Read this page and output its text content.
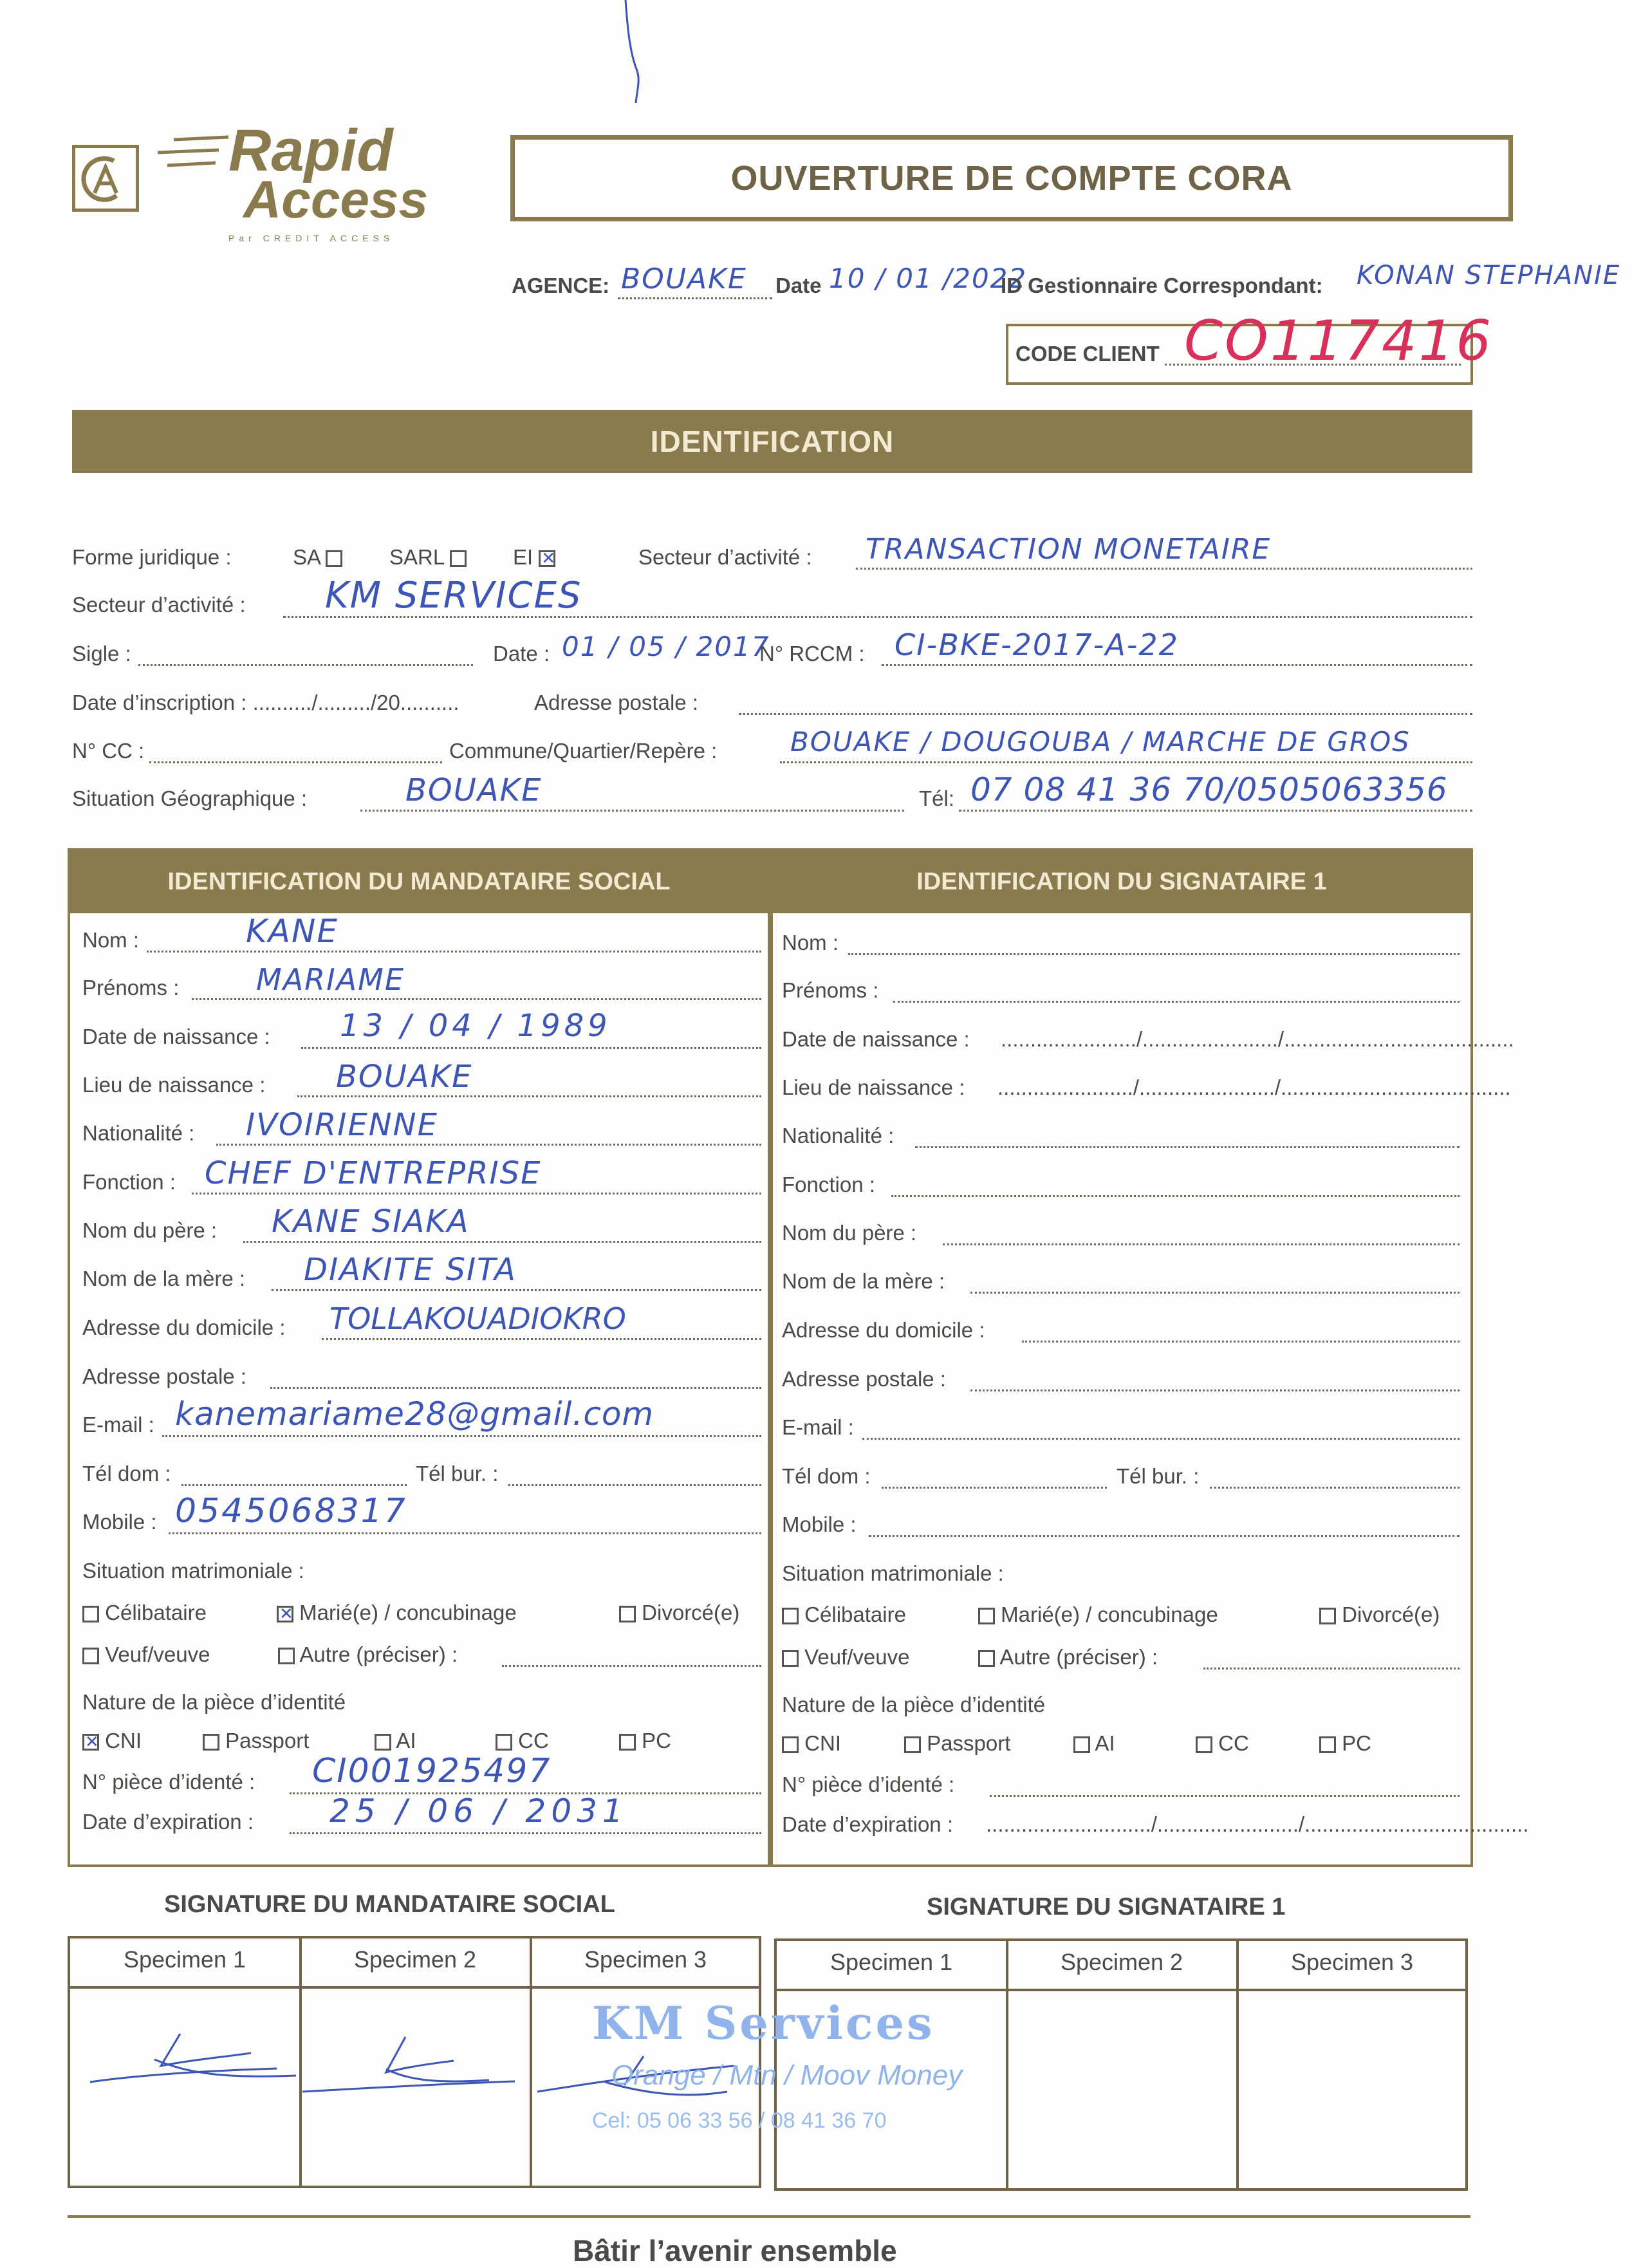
Rapid
Access
Par CREDIT ACCESS
OUVERTURE DE COMPTE CORA
AGENCE: BOUAKE Date 10 / 01 /2022
ID Gestionnaire Correspondant: KONAN STEPHANIE
CODE CLIENT CO117416
IDENTIFICATION
Forme juridique :	SA	SARL	EI ✕	Secteur d’activité : TRANSACTION MONETAIRE
Secteur d’activité : KM SERVICES
Sigle :	Date : 01 / 05 / 2017
N° RCCM : CI-BKE-2017-A-22
Date d’inscription : ........../........./20..........	Adresse postale :
N° CC :	Commune/Quartier/Repère :	BOUAKE / DOUGOUBA / MARCHE DE GROS
Situation Géographique :	BOUAKE	Tél: 07 08 41 36 70/0505063356
IDENTIFICATION DU MANDATAIRE SOCIAL	IDENTIFICATION DU SIGNATAIRE 1
Nom :	KANE
Prénoms :	MARIAME
Date de naissance : 13 / 04 / 1989
Lieu de naissance : BOUAKE
Nationalité : IVOIRIENNE
Fonction : CHEF D'ENTREPRISE
Nom du père : KANE SIAKA
Nom de la mère : DIAKITE SITA
Adresse du domicile : TOLLAKOUADIOKRO
Adresse postale :
E-mail : kanemariame28@gmail.com
Tél dom :	Tél bur. :
Mobile : 0545068317
Situation matrimoniale :
Célibataire ✕	Marié(e) / concubinage	Divorcé(e)
Veuf/veuve	Autre (préciser) :
Nature de la pièce d’identité
✕ CNI	Passport	AI	CC	PC
N° pièce d’identé : CI001925497
Date d’expiration : 25 / 06 / 2031
Nom :
Prénoms :
Date de naissance : ......................./......................./.......................................
Lieu de naissance : ......................./......................./.......................................
Nationalité :
Fonction :
Nom du père :
Nom de la mère :
Adresse du domicile :
Adresse postale :
E-mail :
Tél dom :	Tél bur. :
Mobile :
Situation matrimoniale :
Célibataire	Marié(e) / concubinage	Divorcé(e)
Veuf/veuve	Autre (préciser) :
Nature de la pièce d’identité
CNI	Passport	AI	CC	PC
N° pièce d’identé :
Date d’expiration : ............................/......................../......................................
SIGNATURE DU MANDATAIRE SOCIAL	SIGNATURE DU SIGNATAIRE 1
Specimen 1	Specimen 2	Specimen 3	Specimen 1	Specimen 2	Specimen 3
KM Services
Orange / Mtn / Moov Money
Cel: 05 06 33 56 / 08 41 36 70
Bâtir l’avenir ensemble
